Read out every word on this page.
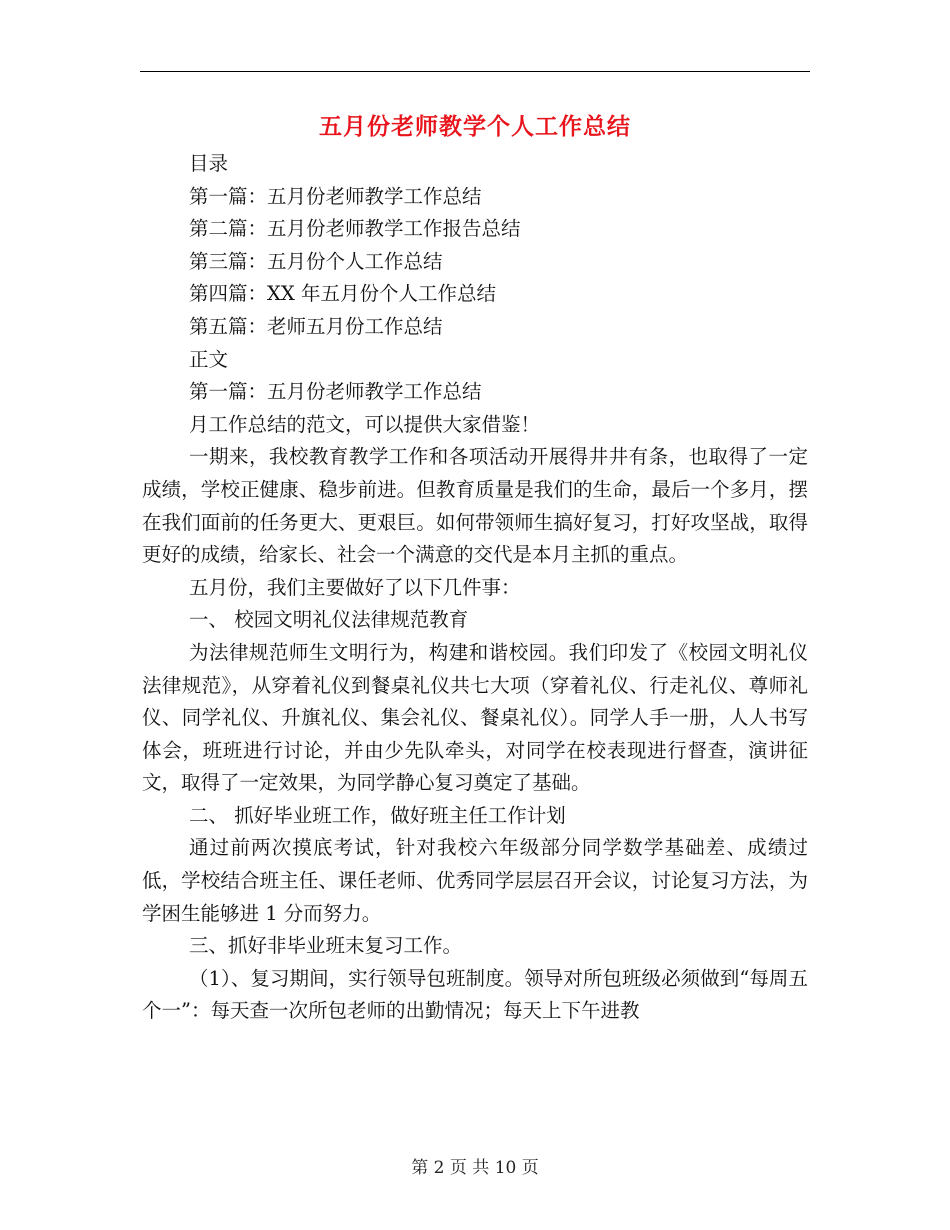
五月份老师教学个人工作总结
目录
第一篇：五月份老师教学工作总结
第二篇：五月份老师教学工作报告总结
第三篇：五月份个人工作总结
第四篇：XX 年五月份个人工作总结
第五篇：老师五月份工作总结
正文
第一篇：五月份老师教学工作总结

月工作总结的范文，可以提供大家借鉴！

一期来，我校教育教学工作和各项活动开展得井井有条，也取得了一定成绩，学校正健康、稳步前进。但教育质量是我们的生命，最后一个多月，摆在我们面前的任务更大、更艰巨。如何带领师生搞好复习，打好攻坚战，取得更好的成绩，给家长、社会一个满意的交代是本月主抓的重点。

五月份，我们主要做好了以下几件事：

一、 校园文明礼仪法律规范教育

为法律规范师生文明行为，构建和谐校园。我们印发了《校园文明礼仪法律规范》，从穿着礼仪到餐桌礼仪共七大项（穿着礼仪、行走礼仪、尊师礼仪、同学礼仪、升旗礼仪、集会礼仪、餐桌礼仪）。同学人手一册，人人书写体会，班班进行讨论，并由少先队牵头，对同学在校表现进行督查，演讲征文，取得了一定效果，为同学静心复习奠定了基础。

二、 抓好毕业班工作，做好班主任工作计划

通过前两次摸底考试，针对我校六年级部分同学数学基础差、成绩过低，学校结合班主任、课任老师、优秀同学层层召开会议，讨论复习方法，为学困生能够进 1 分而努力。

三、抓好非毕业班末复习工作。

（1）、复习期间，实行领导包班制度。领导对所包班级必须做到“每周五个一”：每天查一次所包老师的出勤情况；每天上下午进教

第 2 页 共 10 页
